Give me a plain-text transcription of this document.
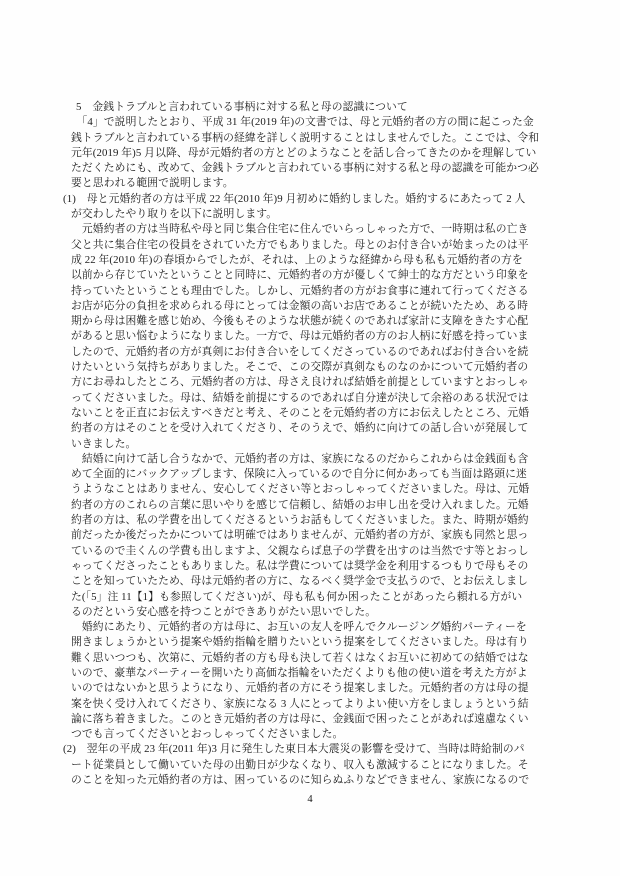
5　金銭トラブルと言われている事柄に対する私と母の認識について
　「4」で説明したとおり、平成 31 年(2019 年)の文書では、母と元婚約者の方の間に起こった金
銭トラブルと言われている事柄の経緯を詳しく説明することはしませんでした。ここでは、令和
元年(2019 年)5 月以降、母が元婚約者の方とどのようなことを話し合ってきたのかを理解してい
ただくためにも、改めて、金銭トラブルと言われている事柄に対する私と母の認識を可能かつ必
要と思われる範囲で説明します。
(1)　母と元婚約者の方は平成 22 年(2010 年)9 月初めに婚約しました。婚約するにあたって 2 人
が交わしたやり取りを以下に説明します。
　元婚約者の方は当時私や母と同じ集合住宅に住んでいらっしゃった方で、一時期は私の亡き
父と共に集合住宅の役員をされていた方でもありました。母とのお付き合いが始まったのは平
成 22 年(2010 年)の春頃からでしたが、それは、上のような経緯から母も私も元婚約者の方を
以前から存じていたということと同時に、元婚約者の方が優しくて紳士的な方だという印象を
持っていたということも理由でした。しかし、元婚約者の方がお食事に連れて行ってくださる
お店が応分の負担を求められる母にとっては金額の高いお店であることが続いたため、ある時
期から母は困難を感じ始め、今後もそのような状態が続くのであれば家計に支障をきたす心配
があると思い悩むようになりました。一方で、母は元婚約者の方のお人柄に好感を持っていま
したので、元婚約者の方が真剣にお付き合いをしてくださっているのであればお付き合いを続
けたいという気持ちがありました。そこで、この交際が真剣なものなのかについて元婚約者の
方にお尋ねしたところ、元婚約者の方は、母さえ良ければ結婚を前提としていますとおっしゃ
ってくださいました。母は、結婚を前提にするのであれば自分達が決して余裕のある状況では
ないことを正直にお伝えすべきだと考え、そのことを元婚約者の方にお伝えしたところ、元婚
約者の方はそのことを受け入れてくださり、そのうえで、婚約に向けての話し合いが発展して
いきました。
　結婚に向けて話し合うなかで、元婚約者の方は、家族になるのだからこれからは金銭面も含
めて全面的にバックアップします、保険に入っているので自分に何かあっても当面は路頭に迷
うようなことはありません、安心してください等とおっしゃってくださいました。母は、元婚
約者の方のこれらの言葉に思いやりを感じて信頼し、結婚のお申し出を受け入れました。元婚
約者の方は、私の学費を出してくださるというお話もしてくださいました。また、時期が婚約
前だったか後だったかについては明確ではありませんが、元婚約者の方が、家族も同然と思っ
ているので圭くんの学費も出しますよ、父親ならば息子の学費を出すのは当然です等とおっし
ゃってくださったこともありました。私は学費については奨学金を利用するつもりで母もその
ことを知っていたため、母は元婚約者の方に、なるべく奨学金で支払うので、とお伝えしまし
た(「5」注 11【1】も参照してください)が、母も私も何か困ったことがあったら頼れる方がい
るのだという安心感を持つことができありがたい思いでした。
　婚約にあたり、元婚約者の方は母に、お互いの友人を呼んでクルージング婚約パーティーを
開きましょうかという提案や婚約指輪を贈りたいという提案をしてくださいました。母は有り
難く思いつつも、次第に、元婚約者の方も母も決して若くはなくお互いに初めての結婚ではな
いので、豪華なパーティーを開いたり高価な指輪をいただくよりも他の使い道を考えた方がよ
いのではないかと思うようになり、元婚約者の方にそう提案しました。元婚約者の方は母の提
案を快く受け入れてくださり、家族になる 3 人にとってよりよい使い方をしましょうという結
論に落ち着きました。このとき元婚約者の方は母に、金銭面で困ったことがあれば遠慮なくい
つでも言ってくださいとおっしゃってくださいました。
(2)　翌年の平成 23 年(2011 年)3 月に発生した東日本大震災の影響を受けて、当時は時給制のパ
ート従業員として働いていた母の出勤日が少なくなり、収入も激減することになりました。そ
のことを知った元婚約者の方は、困っているのに知らぬふりなどできません、家族になるので
4
